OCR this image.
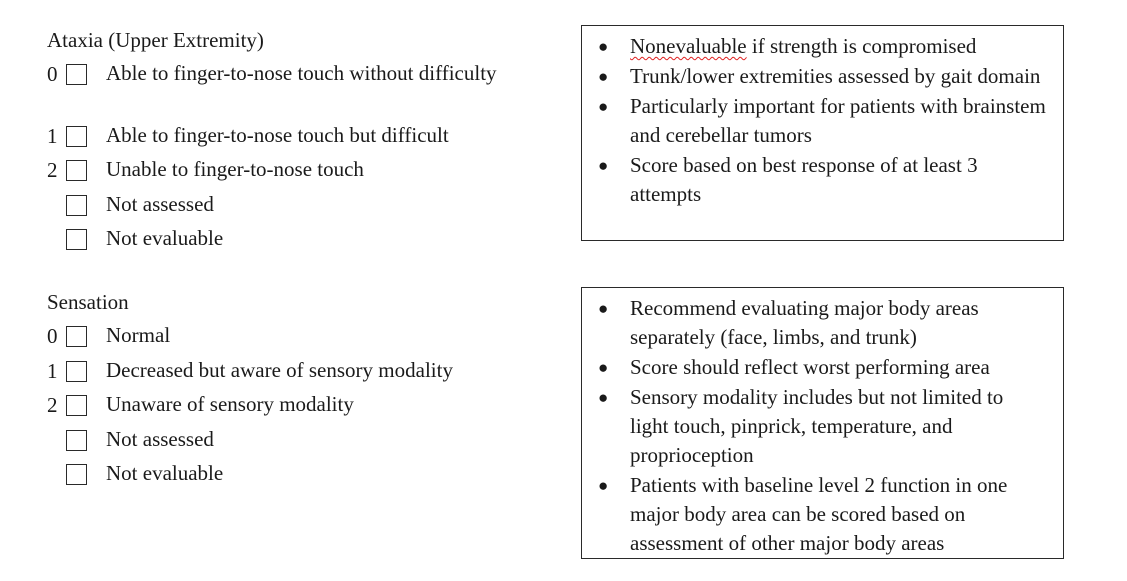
Ataxia (Upper Extremity)
0 Able to finger-to-nose touch without difficulty
1 Able to finger-to-nose touch but difficult
2 Unable to finger-to-nose touch
Not assessed
Not evaluable
● Nonevaluable if strength is compromised
● Trunk/lower extremities assessed by gait domain
● Particularly important for patients with brainstem and cerebellar tumors
● Score based on best response of at least 3 attempts
Sensation
0 Normal
1 Decreased but aware of sensory modality
2 Unaware of sensory modality
Not assessed
Not evaluable
● Recommend evaluating major body areas separately (face, limbs, and trunk)
● Score should reflect worst performing area
● Sensory modality includes but not limited to light touch, pinprick, temperature, and proprioception
● Patients with baseline level 2 function in one major body area can be scored based on assessment of other major body areas
